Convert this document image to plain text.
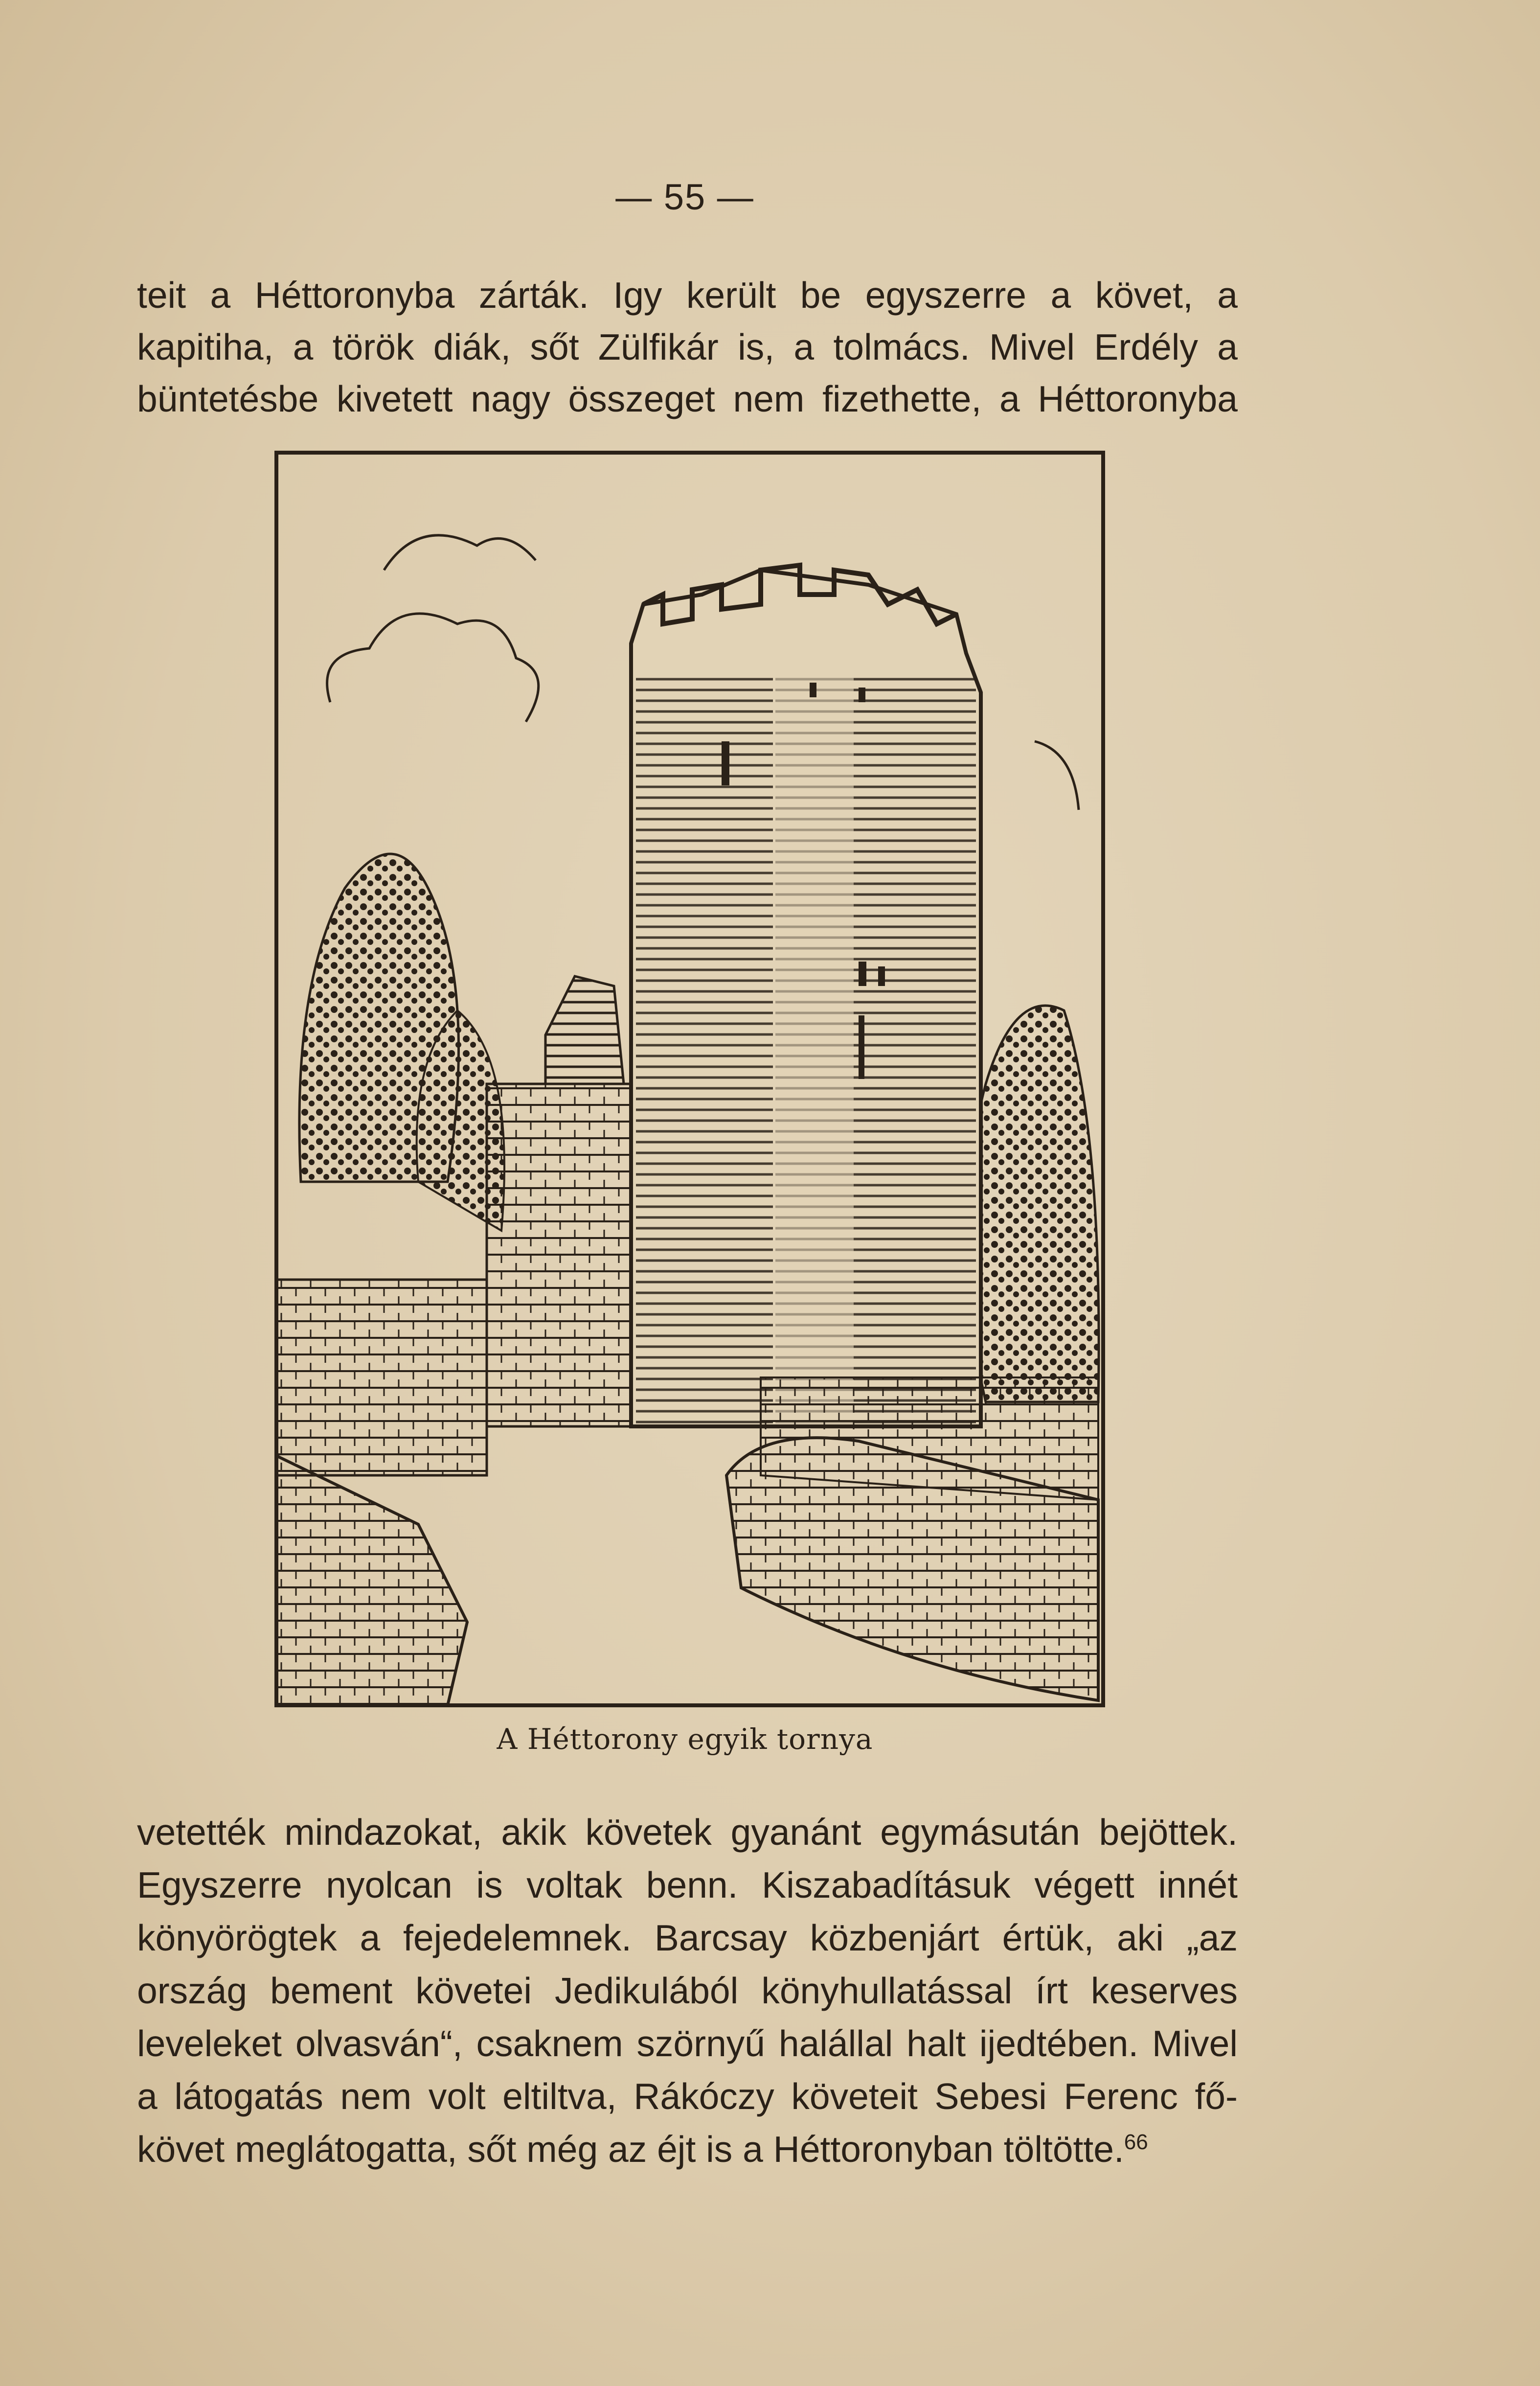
— 55 —
teit a Héttoronyba zárták. Igy került be egyszerre a követ, a
kapitiha, a török diák, sőt Zülfikár is, a tolmács. Mivel Erdély a
büntetésbe kivetett nagy összeget nem fizethette, a Héttoronyba
A Héttorony egyik tornya
vetették mindazokat, akik követek gyanánt egymásután bejöttek.
Egyszerre nyolcan is voltak benn. Kiszabadításuk végett innét
könyörögtek a fejedelemnek. Barcsay közbenjárt értük, aki „az
ország bement követei Jedikulából könyhullatással írt keserves
leveleket olvasván“, csaknem szörnyű halállal halt ijedtében. Mivel
a látogatás nem volt eltiltva, Rákóczy követeit Sebesi Ferenc fő-
követ meglátogatta, sőt még az éjt is a Héttoronyban töltötte.$^{66}$
